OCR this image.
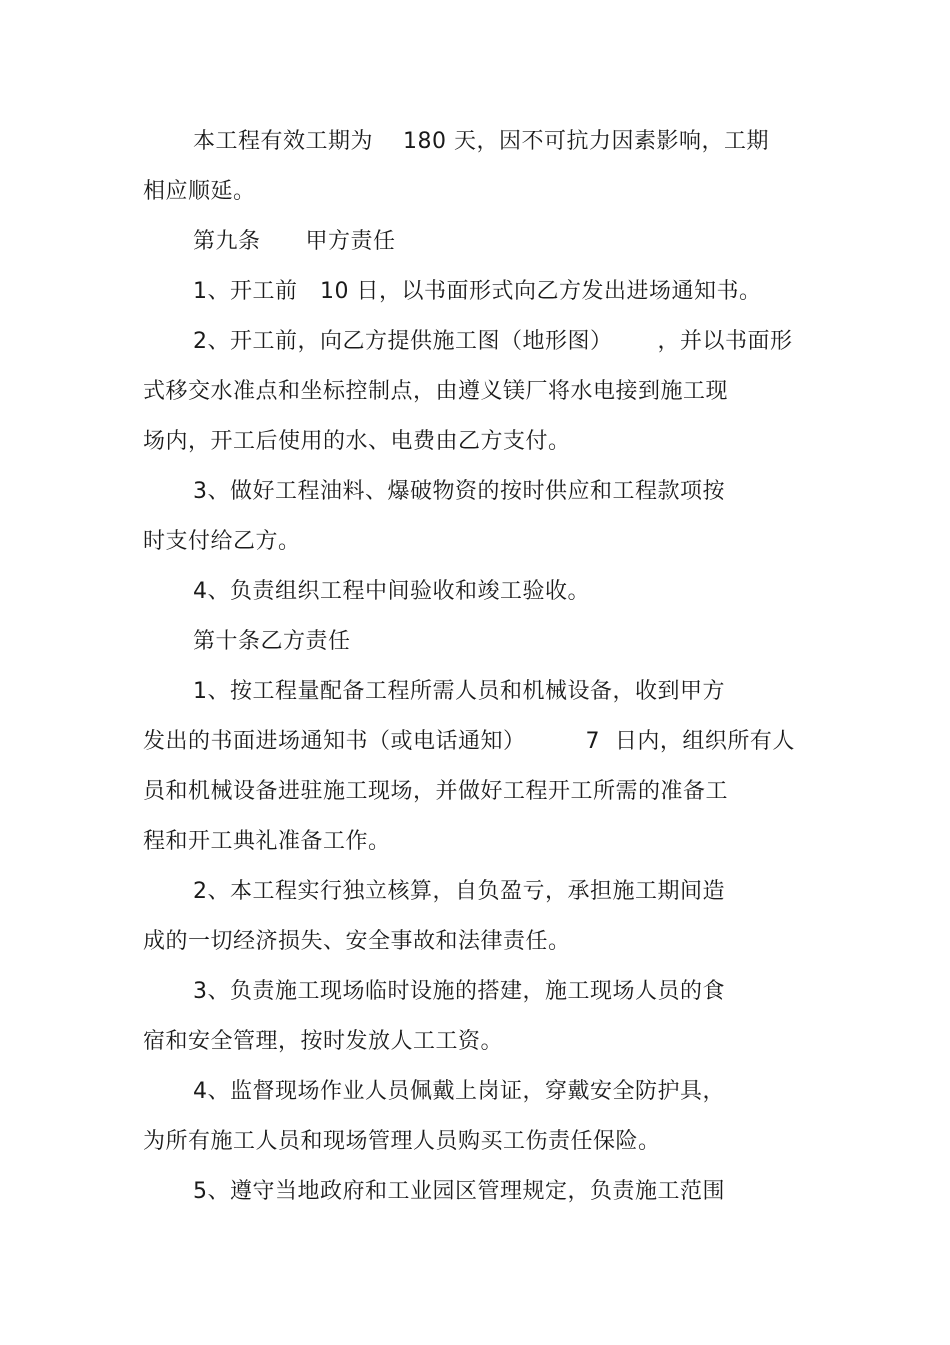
本工程有效工期为    180 天，因不可抗力因素影响，工期
相应顺延。
第九条      甲方责任
1、开工前   10 日，以书面形式向乙方发出进场通知书。
2、开工前，向乙方提供施工图（地形图）      ，并以书面形
式移交水准点和坐标控制点，由遵义镁厂将水电接到施工现
场内，开工后使用的水、电费由乙方支付。
3、做好工程油料、爆破物资的按时供应和工程款项按
时支付给乙方。
4、负责组织工程中间验收和竣工验收。
第十条乙方责任
1、按工程量配备工程所需人员和机械设备，收到甲方
发出的书面进场通知书（或电话通知）        7  日内，组织所有人
员和机械设备进驻施工现场，并做好工程开工所需的准备工
程和开工典礼准备工作。
2、本工程实行独立核算，自负盈亏，承担施工期间造
成的一切经济损失、安全事故和法律责任。
3、负责施工现场临时设施的搭建，施工现场人员的食
宿和安全管理，按时发放人工工资。
4、监督现场作业人员佩戴上岗证，穿戴安全防护具，
为所有施工人员和现场管理人员购买工伤责任保险。
5、遵守当地政府和工业园区管理规定，负责施工范围
